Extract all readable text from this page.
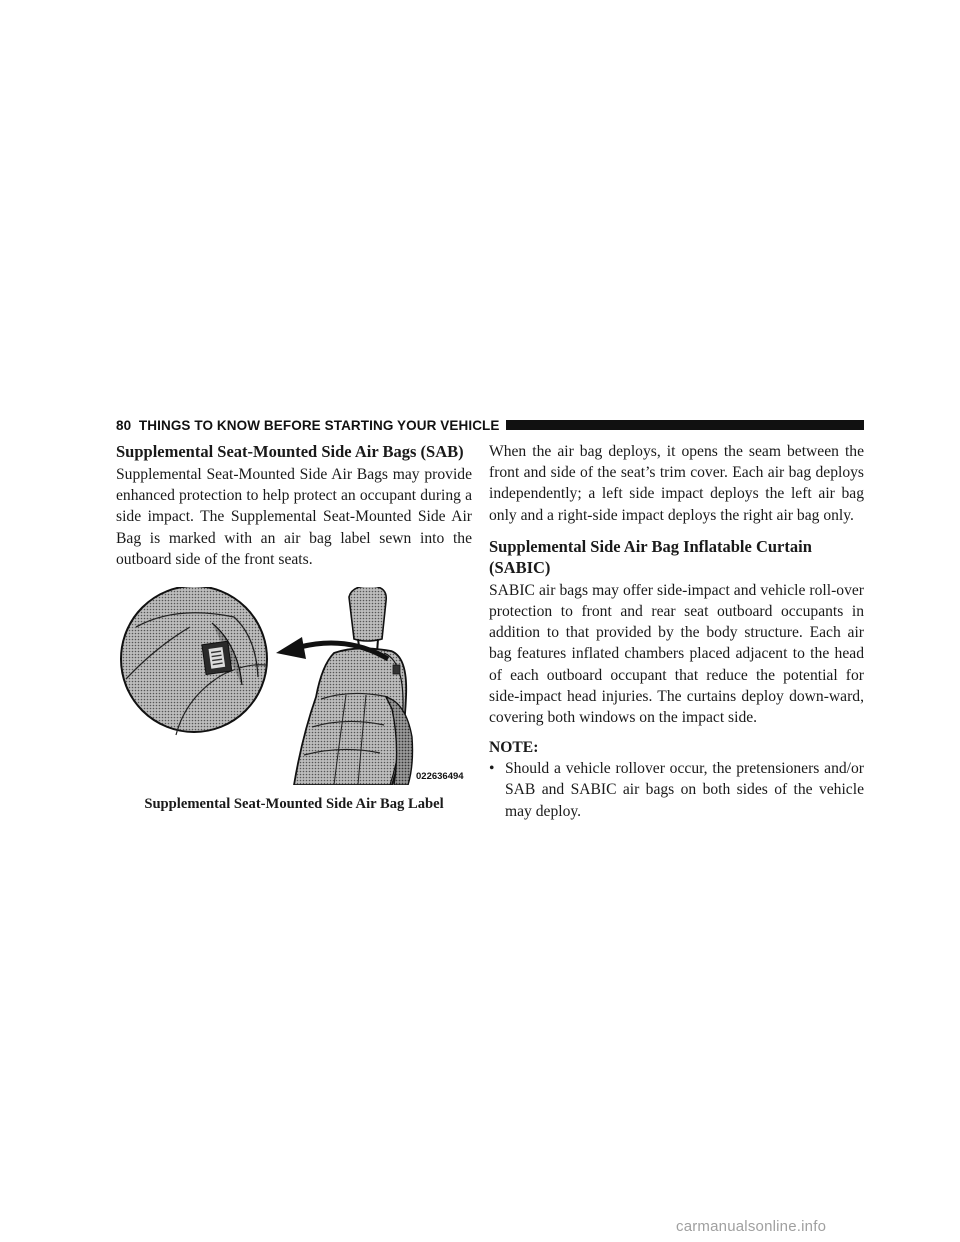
80 THINGS TO KNOW BEFORE STARTING YOUR VEHICLE
Supplemental Seat-Mounted Side Air Bags (SAB)

Supplemental Seat-Mounted Side Air Bags may provide enhanced protection to help protect an occupant during a side impact. The Supplemental Seat-Mounted Side Air Bag is marked with an air bag label sewn into the outboard side of the front seats.

022636494
Supplemental Seat-Mounted Side Air Bag Label

When the air bag deploys, it opens the seam between the front and side of the seat’s trim cover. Each air bag deploys independently; a left side impact deploys the left air bag only and a right-side impact deploys the right air bag only.

Supplemental Side Air Bag Inflatable Curtain (SABIC)

SABIC air bags may offer side-impact and vehicle roll-over protection to front and rear seat outboard occupants in addition to that provided by the body structure. Each air bag features inflated chambers placed adjacent to the head of each outboard occupant that reduce the potential for side-impact head injuries. The curtains deploy down-ward, covering both windows on the impact side.

NOTE:
• Should a vehicle rollover occur, the pretensioners and/or SAB and SABIC air bags on both sides of the vehicle may deploy.
carmanualsonline.info
